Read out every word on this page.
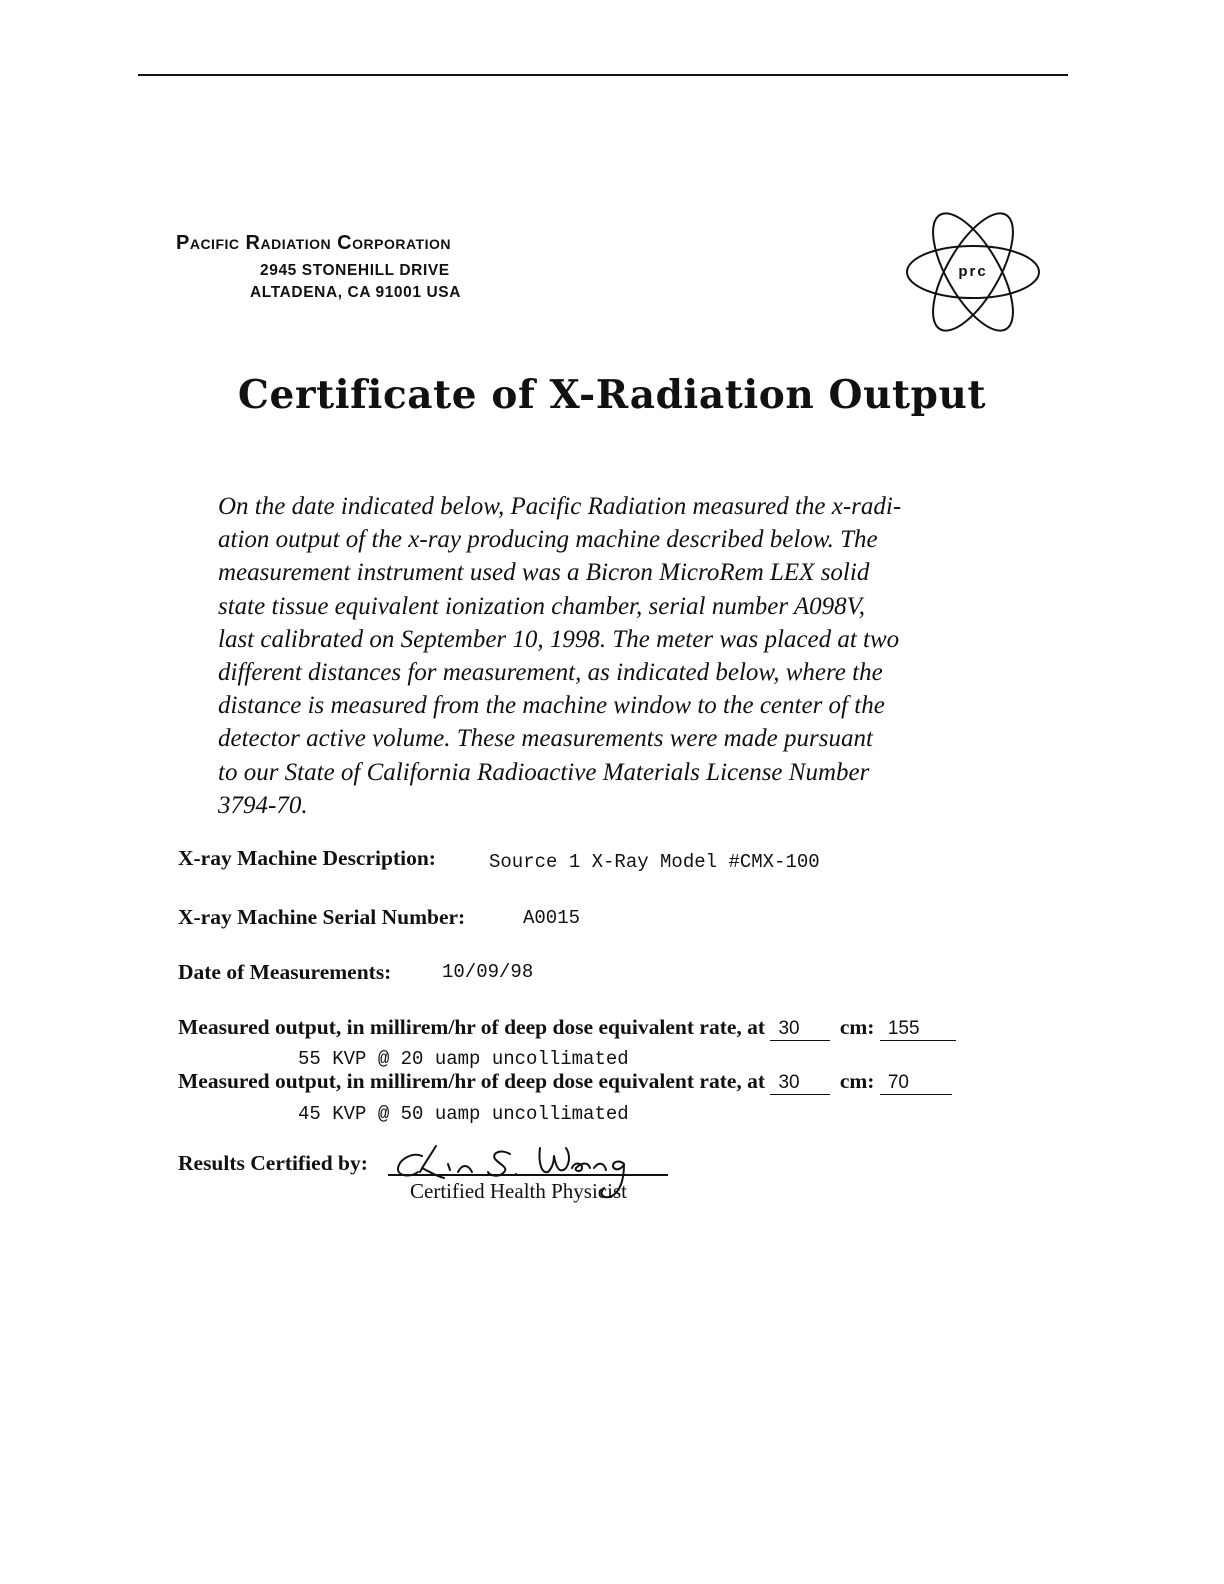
Pacific Radiation Corporation
2945 STONEHILL DRIVE
ALTADENA, CA 91001 USA
prc
Certificate of X-Radiation Output
On the date indicated below, Pacific Radiation measured the x-radi-
ation output of the x-ray producing machine described below. The
measurement instrument used was a Bicron MicroRem LEX solid
state tissue equivalent ionization chamber, serial number A098V,
last calibrated on September 10, 1998. The meter was placed at two
different distances for measurement, as indicated below, where the
distance is measured from the machine window to the center of the
detector active volume. These measurements were made pursuant
to our State of California Radioactive Materials License Number
3794-70.
X-ray Machine Description:	Source 1 X-Ray Model #CMX-100
X-ray Machine Serial Number:	A0015
Date of Measurements:	10/09/98
Measured output, in millirem/hr of deep dose equivalent rate, at 30 cm: 155
55 KVP @ 20 uamp uncollimated
Measured output, in millirem/hr of deep dose equivalent rate, at 30 cm: 70
45 KVP @ 50 uamp uncollimated
Results Certified by:
Certified Health Physicist
